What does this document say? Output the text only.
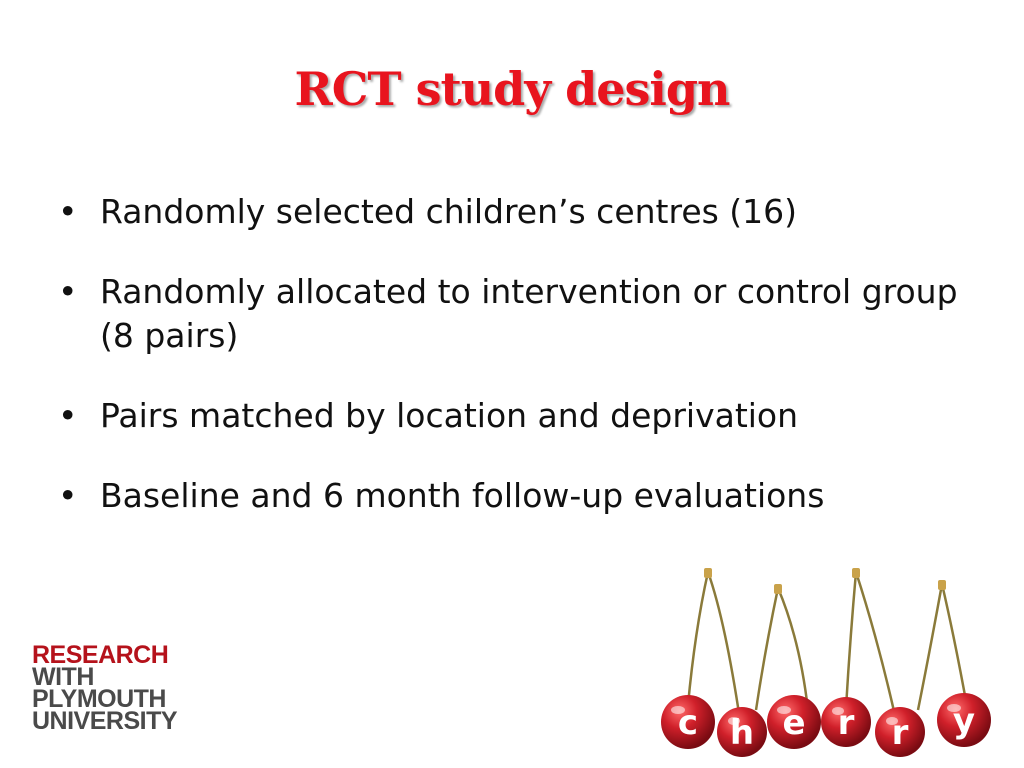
RCT study design
• Randomly selected children’s centres (16)
• Randomly allocated to intervention or control group (8 pairs)
• Pairs matched by location and deprivation
• Baseline and 6 month follow-up evaluations
RESEARCH
WITH
PLYMOUTH
UNIVERSITY	c h e r r y
